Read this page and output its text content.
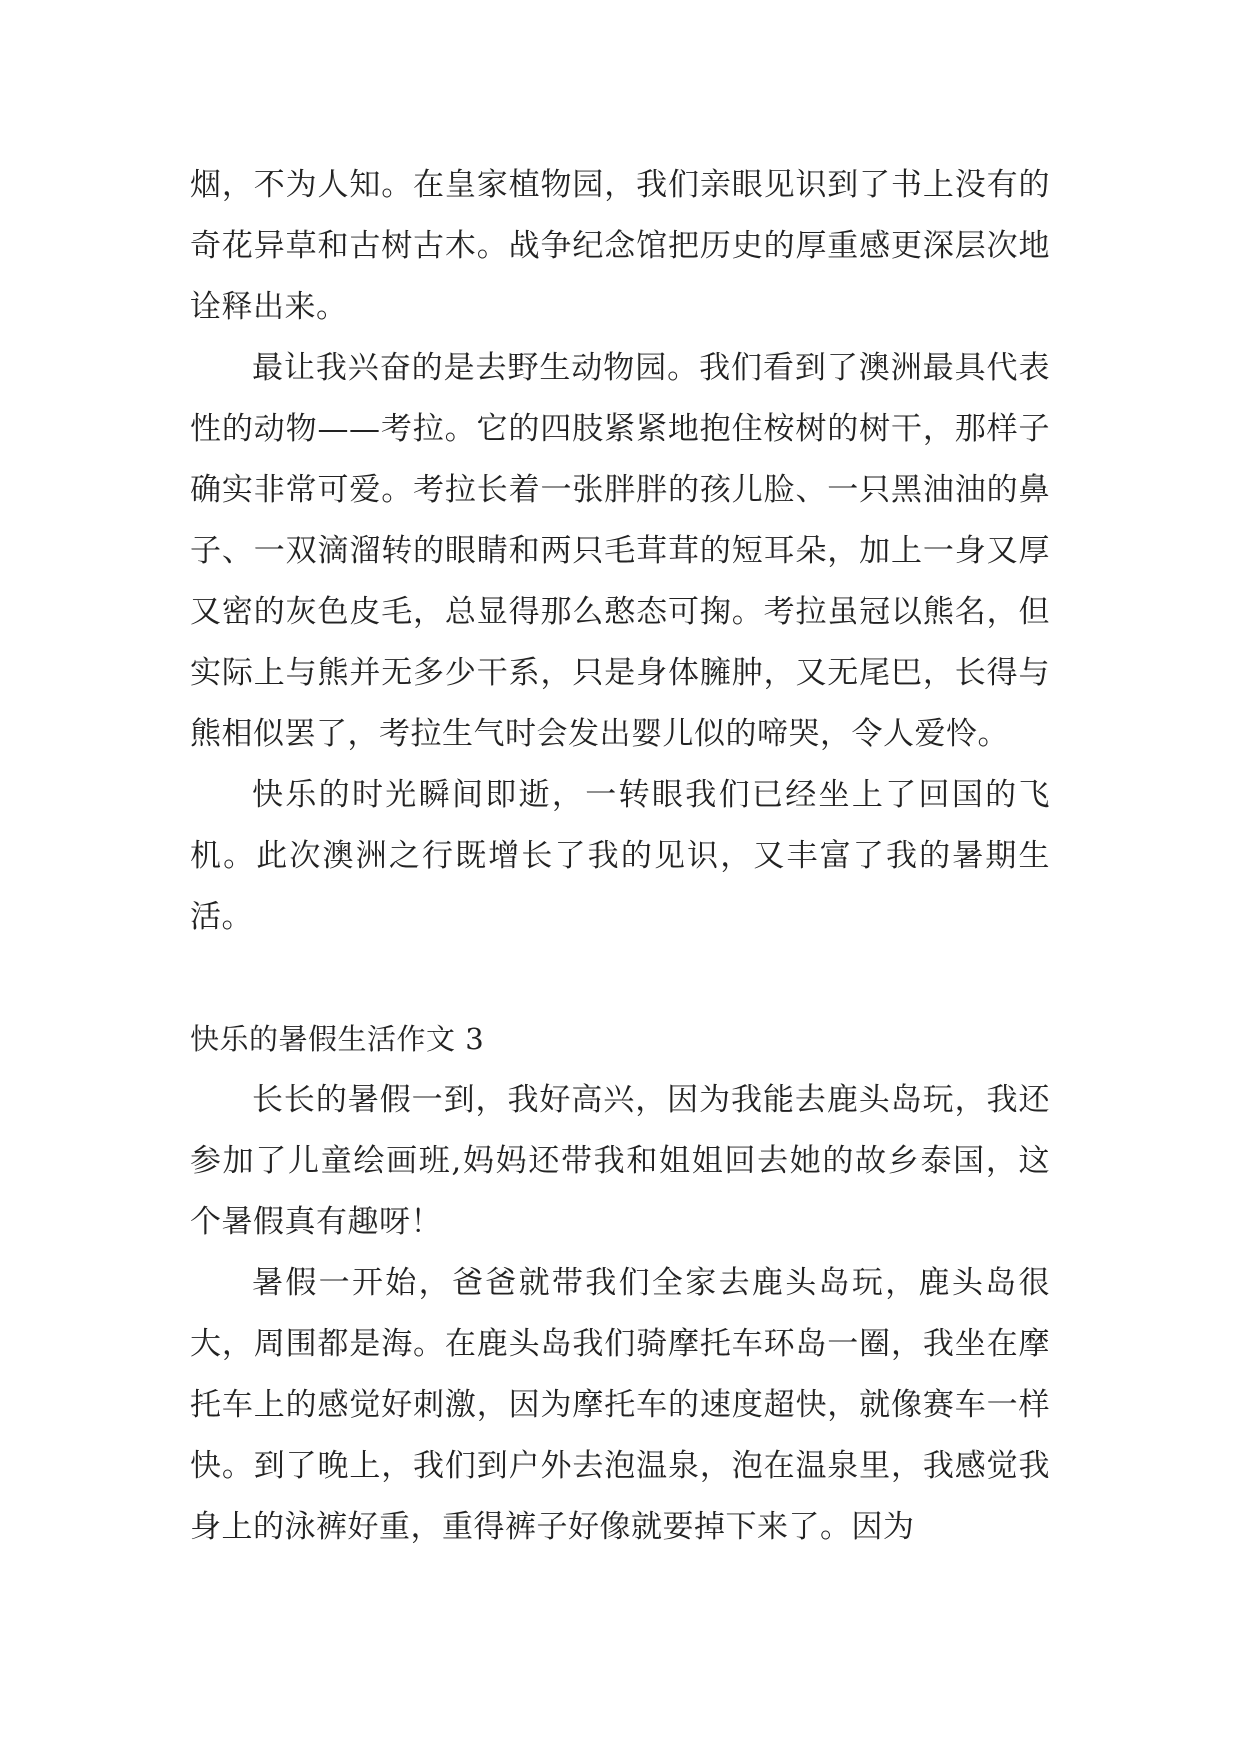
烟，不为人知。在皇家植物园，我们亲眼见识到了书上没有的奇花异草和古树古木。战争纪念馆把历史的厚重感更深层次地诠释出来。

最让我兴奋的是去野生动物园。我们看到了澳洲最具代表性的动物——考拉。它的四肢紧紧地抱住桉树的树干，那样子确实非常可爱。考拉长着一张胖胖的孩儿脸、一只黑油油的鼻子、一双滴溜转的眼睛和两只毛茸茸的短耳朵，加上一身又厚又密的灰色皮毛，总显得那么憨态可掬。考拉虽冠以熊名，但实际上与熊并无多少干系，只是身体臃肿，又无尾巴，长得与熊相似罢了，考拉生气时会发出婴儿似的啼哭，令人爱怜。

快乐的时光瞬间即逝，一转眼我们已经坐上了回国的飞机。此次澳洲之行既增长了我的见识，又丰富了我的暑期生活。

快乐的暑假生活作文 3

长长的暑假一到，我好高兴，因为我能去鹿头岛玩，我还参加了儿童绘画班,妈妈还带我和姐姐回去她的故乡泰国，这个暑假真有趣呀！

暑假一开始，爸爸就带我们全家去鹿头岛玩，鹿头岛很大，周围都是海。在鹿头岛我们骑摩托车环岛一圈，我坐在摩托车上的感觉好刺激，因为摩托车的速度超快，就像赛车一样快。到了晚上，我们到户外去泡温泉，泡在温泉里，我感觉我身上的泳裤好重，重得裤子好像就要掉下来了。因为
